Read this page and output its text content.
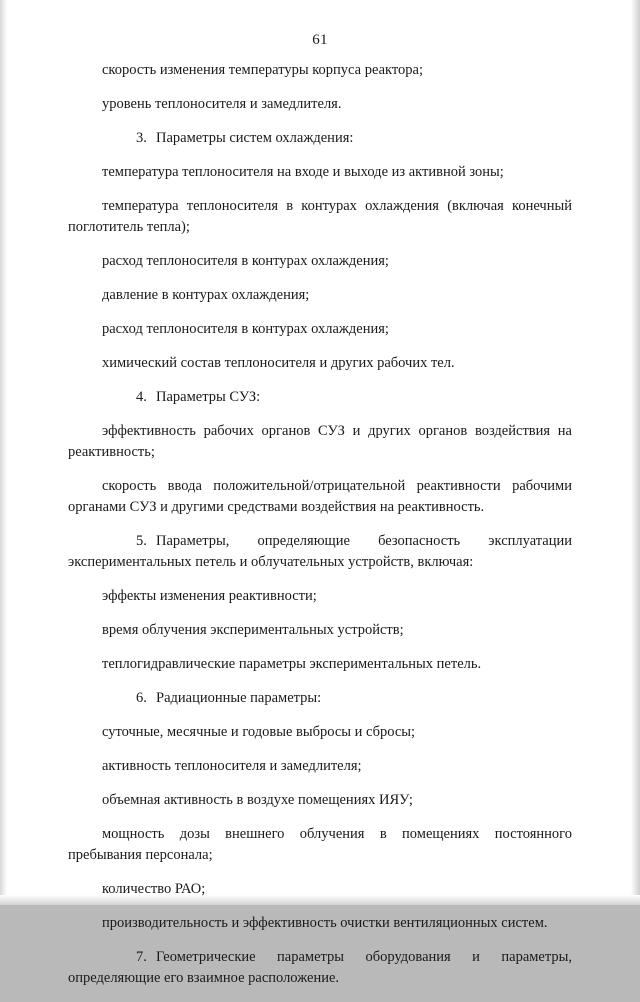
61

скорость изменения температуры корпуса реактора;

уровень теплоносителя и замедлителя.

3. Параметры систем охлаждения:

температура теплоносителя на входе и выходе из активной зоны;

температура теплоносителя в контурах охлаждения (включая конечный поглотитель тепла);

расход теплоносителя в контурах охлаждения;

давление в контурах охлаждения;

расход теплоносителя в контурах охлаждения;

химический состав теплоносителя и других рабочих тел.

4. Параметры СУЗ:

эффективность рабочих органов СУЗ и других органов воздействия на реактивность;

скорость ввода положительной/отрицательной реактивности рабочими органами СУЗ и другими средствами воздействия на реактивность.

5. Параметры, определяющие безопасность эксплуатации экспериментальных петель и облучательных устройств, включая:

эффекты изменения реактивности;

время облучения экспериментальных устройств;

теплогидравлические параметры экспериментальных петель.

6. Радиационные параметры:

суточные, месячные и годовые выбросы и сбросы;

активность теплоносителя и замедлителя;

объемная активность в воздухе помещениях ИЯУ;

мощность дозы внешнего облучения в помещениях постоянного пребывания персонала;

количество РАО;

производительность и эффективность очистки вентиляционных систем.

7. Геометрические параметры оборудования и параметры, определяющие его взаимное расположение.
